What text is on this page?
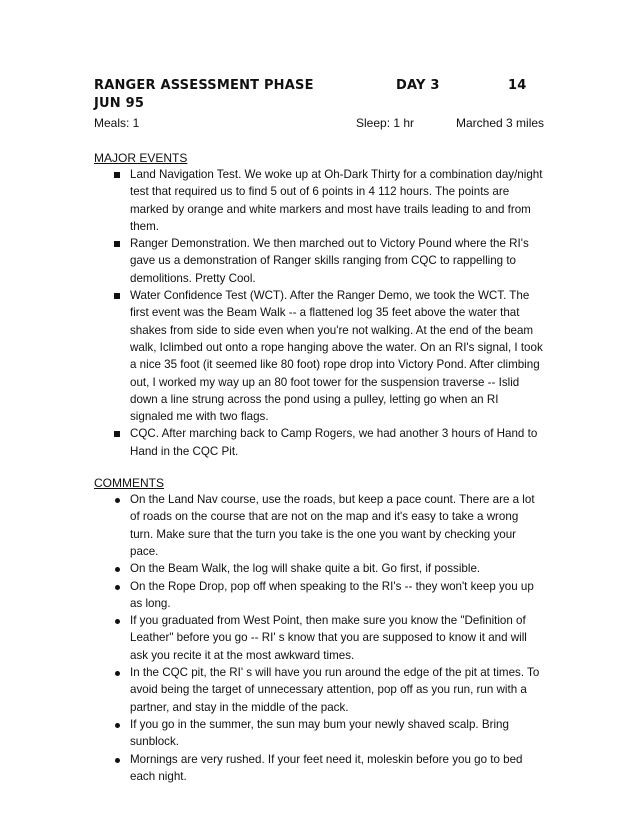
RANGER ASSESSMENT PHASE	DAY 3	14
JUN 95
Meals: 1	Sleep: 1 hr	Marched 3 miles
MAJOR EVENTS
Land Navigation Test. We woke up at Oh-Dark Thirty for a combination day/night test that required us to find 5 out of 6 points in 4 112 hours. The points are marked by orange and white markers and most have trails leading to and from them.
Ranger Demonstration. We then marched out to Victory Pound where the RI's gave us a demonstration of Ranger skills ranging from CQC to rappelling to demolitions. Pretty Cool.
Water Confidence Test (WCT). After the Ranger Demo, we took the WCT. The first event was the Beam Walk -- a flattened log 35 feet above the water that shakes from side to side even when you're not walking. At the end of the beam walk, Iclimbed out onto a rope hanging above the water. On an RI's signal, I took a nice 35 foot (it seemed like 80 foot) rope drop into Victory Pond. After climbing out, I worked my way up an 80 foot tower for the suspension traverse -- Islid down a line strung across the pond using a pulley, letting go when an RI signaled me with two flags.
CQC. After marching back to Camp Rogers, we had another 3 hours of Hand to Hand in the CQC Pit.
COMMENTS
On the Land Nav course, use the roads, but keep a pace count. There are a lot of roads on the course that are not on the map and it's easy to take a wrong turn. Make sure that the turn you take is the one you want by checking your pace.
On the Beam Walk, the log will shake quite a bit. Go first, if possible.
On the Rope Drop, pop off when speaking to the RI's -- they won't keep you up as long.
If you graduated from West Point, then make sure you know the "Definition of Leather" before you go -- RI' s know that you are supposed to know it and will ask you recite it at the most awkward times.
In the CQC pit, the RI' s will have you run around the edge of the pit at times. To avoid being the target of unnecessary attention, pop off as you run, run with a partner, and stay in the middle of the pack.
If you go in the summer, the sun may bum your newly shaved scalp. Bring sunblock.
Mornings are very rushed. If your feet need it, moleskin before you go to bed each night.
